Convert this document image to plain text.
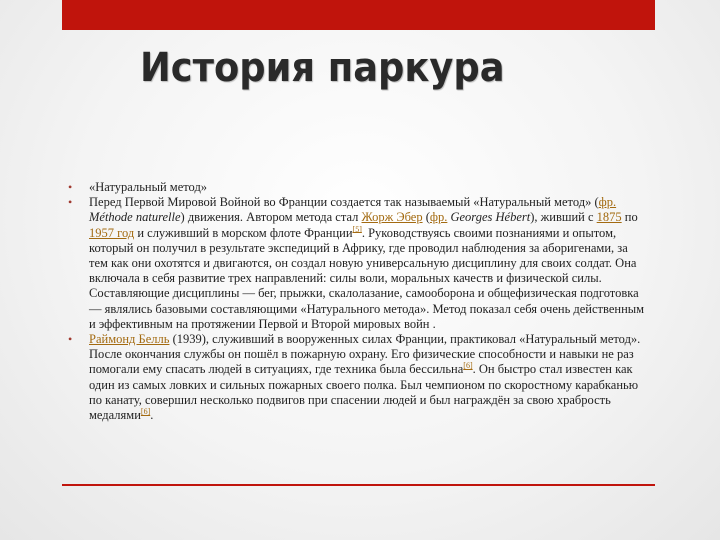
История паркура
• «Натуральный метод»
• Перед Первой Мировой Войной во Франции создается так называемый «Натуральный метод» (фр. Méthode naturelle) движения. Автором метода стал Жорж Эбер (фр. Georges Hébert), живший с 1875 по 1957 год и служивший в морском флоте Франции[5]. Руководствуясь своими познаниями и опытом, который он получил в результате экспедиций в Африку, где проводил наблюдения за аборигенами, за тем как они охотятся и двигаются, он создал новую универсальную дисциплину для своих солдат. Она включала в себя развитие трех направлений: силы воли, моральных качеств и физической силы. Составляющие дисциплины — бег, прыжки, скалолазание, самооборона и общефизическая подготовка — являлись базовыми составляющими «Натурального метода». Метод показал себя очень действенным и эффективным на протяжении Первой и Второй мировых войн .
• Раймонд Белль (1939), служивший в вооруженных силах Франции, практиковал «Натуральный метод». После окончания службы он пошёл в пожарную охрану. Его физические способности и навыки не раз помогали ему спасать людей в ситуациях, где техника была бессильна[6]. Он быстро стал известен как один из самых ловких и сильных пожарных своего полка. Был чемпионом по скоростному карабканью по канату, совершил несколько подвигов при спасении людей и был награждён за свою храбрость медалями[6].
